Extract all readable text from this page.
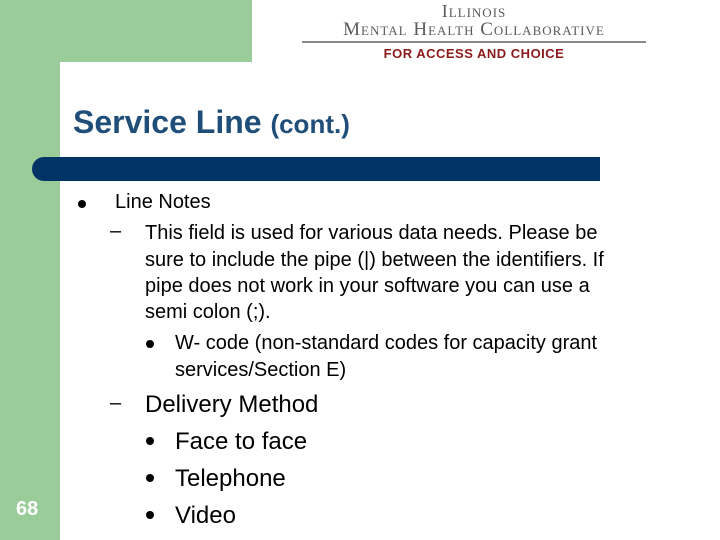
Illinois
Mental Health Collaborative
FOR ACCESS AND CHOICE
Service Line (cont.)
Line Notes
– This field is used for various data needs. Please be
sure to include the pipe (|) between the identifiers. If
pipe does not work in your software you can use a
semi colon (;).
W- code (non-standard codes for capacity grant
services/Section E)
– Delivery Method
Face to face
Telephone
Video
68
